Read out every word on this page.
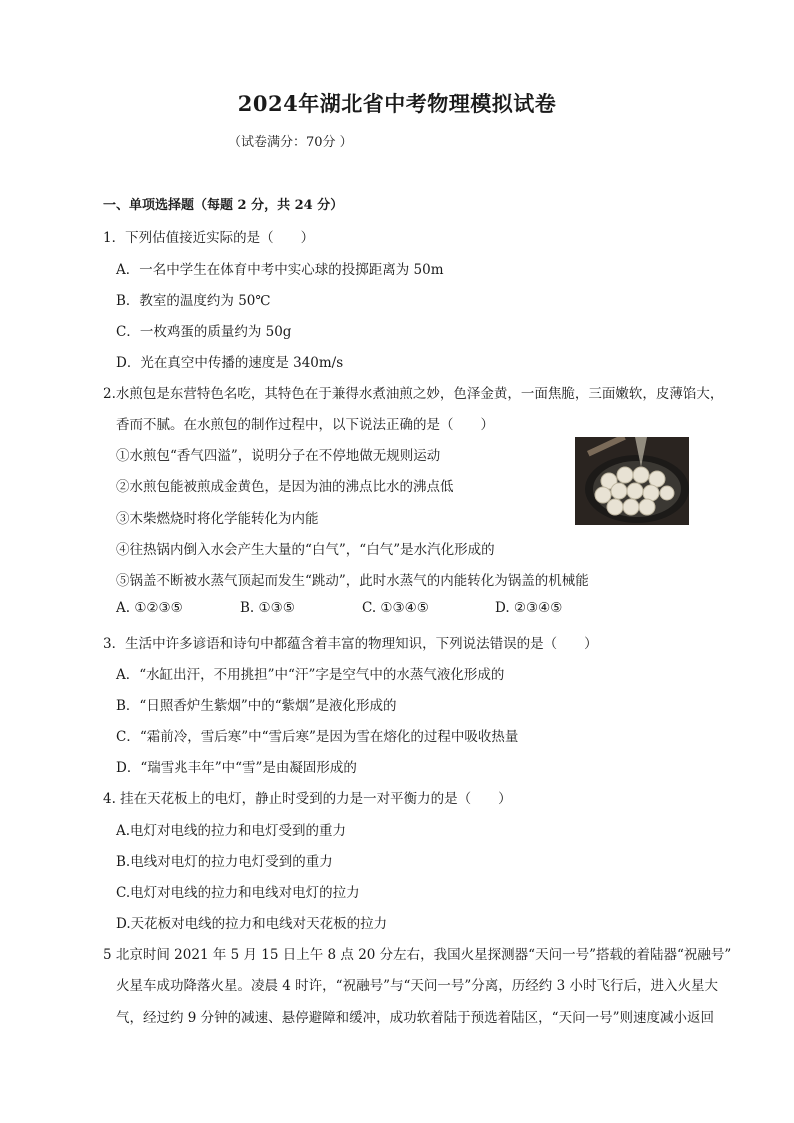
2024年湖北省中考物理模拟试卷
（试卷满分：70分 ）
一、单项选择题（每题 2 分，共 24 分）
1．下列估值接近实际的是（　　）
A．一名中学生在体育中考中实心球的投掷距离为 50m
B．教室的温度约为 50℃
C．一枚鸡蛋的质量约为 50g
D．光在真空中传播的速度是 340m/s
2.水煎包是东营特色名吃，其特色在于兼得水煮油煎之妙，色泽金黄，一面焦脆，三面嫩软，皮薄馅大，
香而不腻。在水煎包的制作过程中，以下说法正确的是（　　）
①水煎包“香气四溢”，说明分子在不停地做无规则运动
②水煎包能被煎成金黄色，是因为油的沸点比水的沸点低
③木柴燃烧时将化学能转化为内能
④往热锅内倒入水会产生大量的“白气”，“白气”是水汽化形成的
⑤锅盖不断被水蒸气顶起而发生“跳动”，此时水蒸气的内能转化为锅盖的机械能
A. ①②③⑤	B. ①③⑤	C. ①③④⑤	D. ②③④⑤
3．生活中许多谚语和诗句中都蕴含着丰富的物理知识，下列说法错误的是（　　）
A．“水缸出汗，不用挑担”中“汗”字是空气中的水蒸气液化形成的
B．“日照香炉生紫烟”中的“紫烟”是液化形成的
C．“霜前冷，雪后寒”中“雪后寒”是因为雪在熔化的过程中吸收热量
D．“瑞雪兆丰年”中“雪”是由凝固形成的
4. 挂在天花板上的电灯，静止时受到的力是一对平衡力的是（　　）
A.电灯对电线的拉力和电灯受到的重力
B.电线对电灯的拉力电灯受到的重力
C.电灯对电线的拉力和电线对电灯的拉力
D.天花板对电线的拉力和电线对天花板的拉力
5 北京时间 2021 年 5 月 15 日上午 8 点 20 分左右，我国火星探测器“天问一号”搭载的着陆器“祝融号”
火星车成功降落火星。凌晨 4 时许，“祝融号”与“天问一号”分离，历经约 3 小时飞行后，进入火星大
气，经过约 9 分钟的减速、悬停避障和缓冲，成功软着陆于预选着陆区，“天问一号”则速度减小返回
